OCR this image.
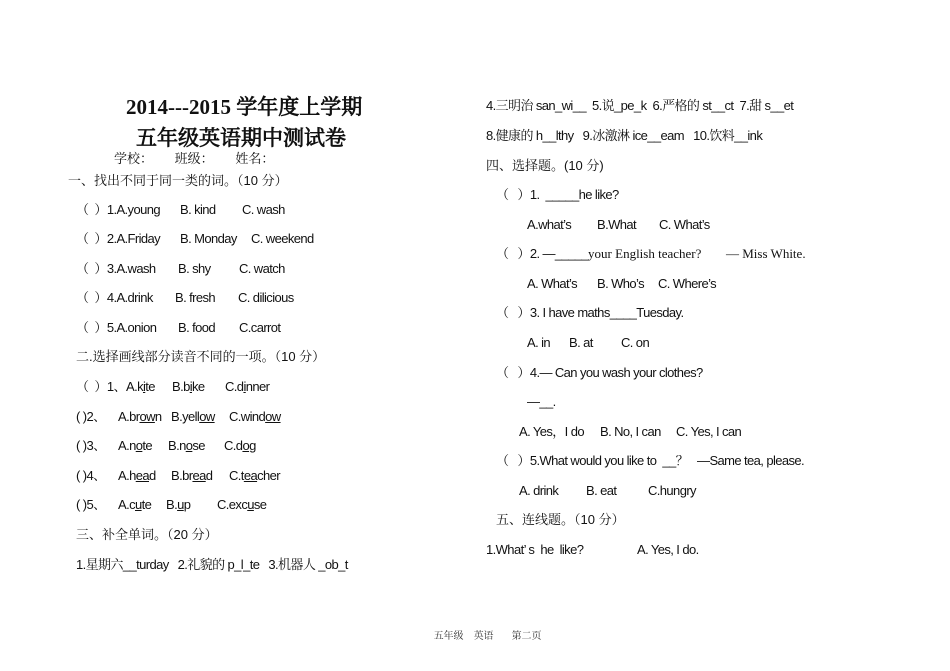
2014---2015 学年度上学期
五年级英语期中测试卷
学校：      班级：      姓名：
一、找出不同于同一类的词。（10 分）
（  ）1.A.young B. kind C. wash
（  ）2.A.Friday B. Monday C. weekend
（  ）3.A.wash B. shy C. watch
（  ）4.A.drink B. fresh C. dilicious
（  ）5.A.onion B. food C.carrot
二.选择画线部分读音不同的一项。（10 分）
（  ）1、 A.kite B.bike C.dinner
( )2、 A.brown B.yellow C.window
( )3、 A.note B.nose C.dog
( )4、 A.head B.bread C.teacher
( )5、 A.cute B.up C.excuse
三、补全单词。（20 分）
1.星期六__turday   2.礼貌的 p_l_te   3.机器人 _ob_t
4.三明治 san_wi__  5.说_pe_k  6.严格的 st__ct  7.甜 s__et
8.健康的 h__lthy   9.冰激淋 ice__eam   10.饮料__ink
四、选择题。(10 分)
（   ）1.  _____he like?
A.what’s B.What C. What’s
（   ）2. —_____your English teacher? — Miss White.
A. What’s B. Who’s C. Where’s
（   ）3. I have maths____Tuesday.
A. in B. at C. on
（   ）4.— Can you wash your clothes?
—__.
A. Yes，I do B. No, I can C. Yes, I can
（   ）5.What would you like to  __？   —Same tea, please.
A. drink B. eat C.hungry
五、连线题。（10 分）
1.What’ s  he  like?	A. Yes, I do.

五年级 英语 第二页
